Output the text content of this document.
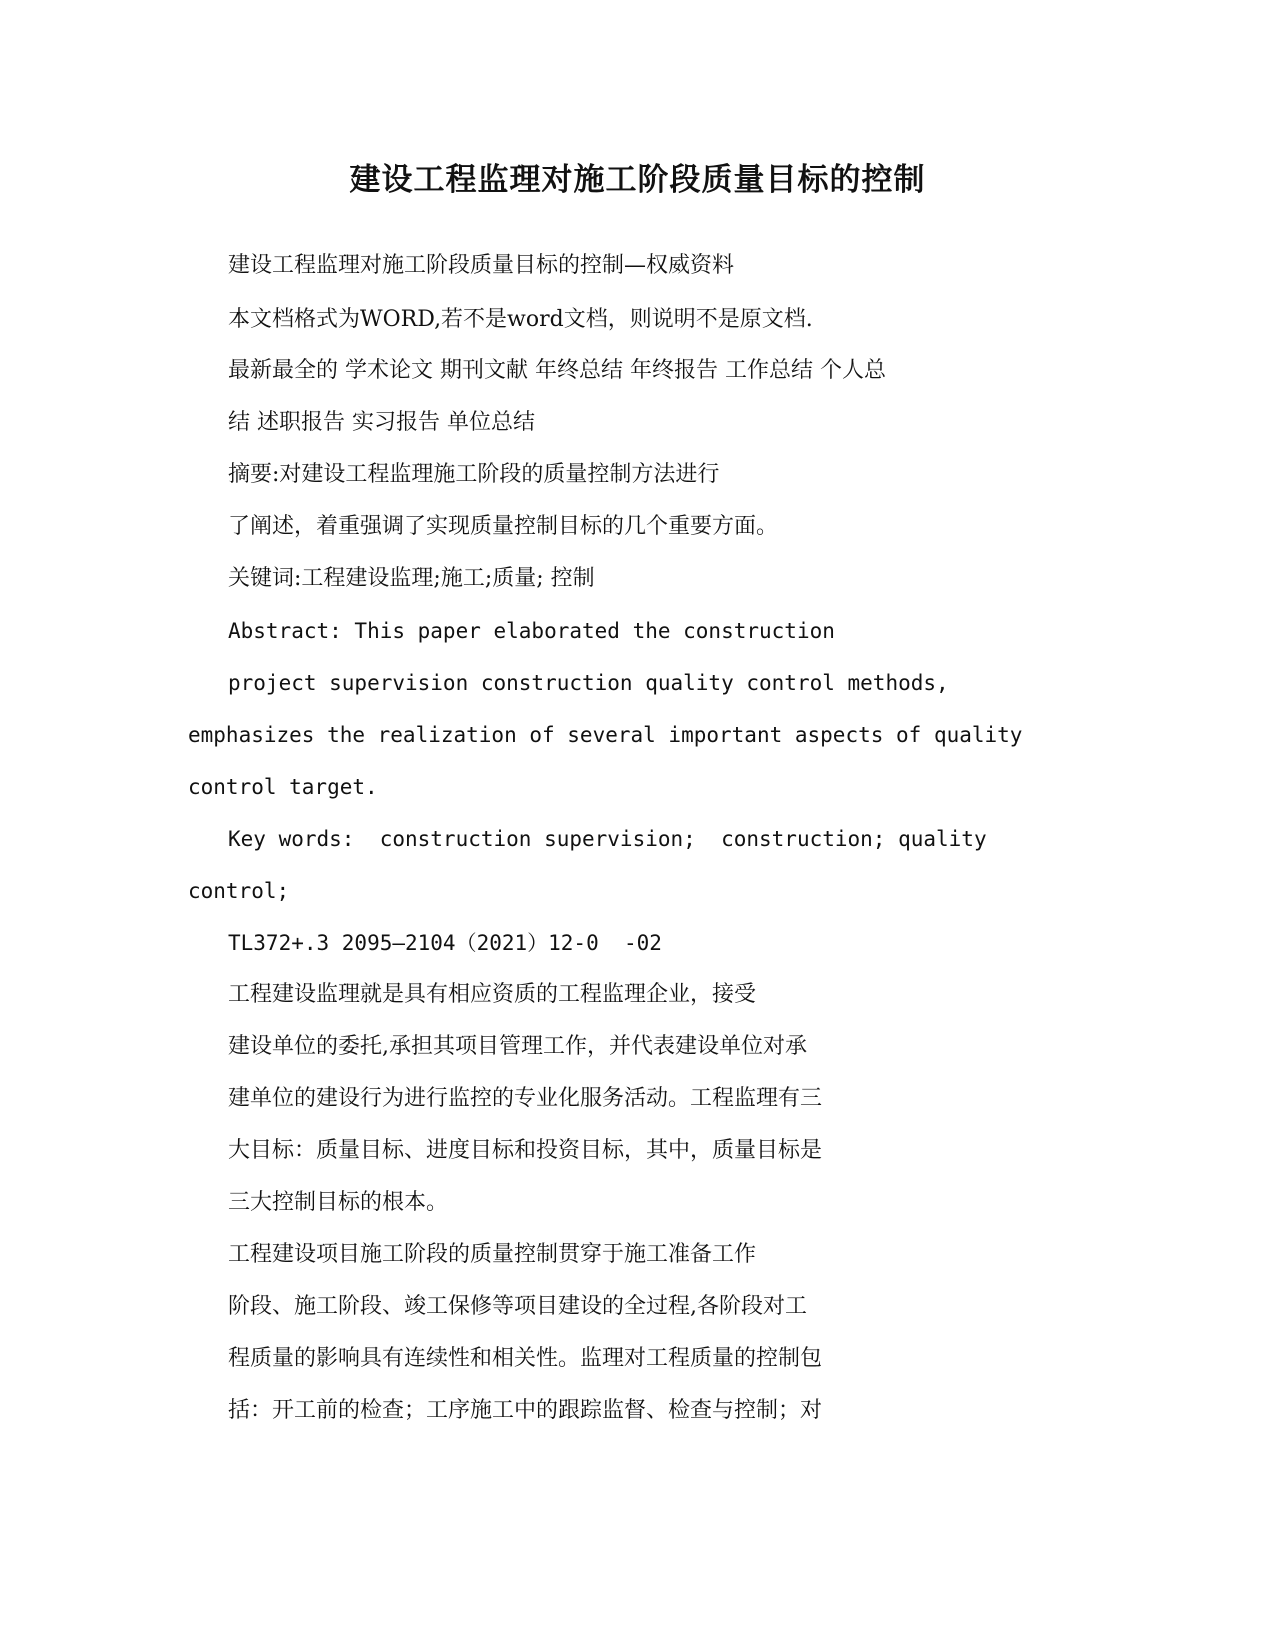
建设工程监理对施工阶段质量目标的控制

建设工程监理对施工阶段质量目标的控制—权威资料

本文档格式为WORD,若不是word文档，则说明不是原文档.

最新最全的 学术论文 期刊文献 年终总结 年终报告 工作总结 个人总

结 述职报告 实习报告 单位总结

摘要:对建设工程监理施工阶段的质量控制方法进行

了阐述，着重强调了实现质量控制目标的几个重要方面。

关键词:工程建设监理;施工;质量; 控制

Abstract: This paper elaborated the construction

project supervision construction quality control methods,

emphasizes the realization of several important aspects of quality

control target.

Key words:  construction supervision;  construction; quality

control;

TL372+.3 2095—2104（2021）12-0  -02

工程建设监理就是具有相应资质的工程监理企业，接受

建设单位的委托,承担其项目管理工作，并代表建设单位对承

建单位的建设行为进行监控的专业化服务活动。工程监理有三

大目标：质量目标、进度目标和投资目标，其中，质量目标是

三大控制目标的根本。

工程建设项目施工阶段的质量控制贯穿于施工准备工作

阶段、施工阶段、竣工保修等项目建设的全过程,各阶段对工

程质量的影响具有连续性和相关性。监理对工程质量的控制包

括：开工前的检查；工序施工中的跟踪监督、检查与控制；对
